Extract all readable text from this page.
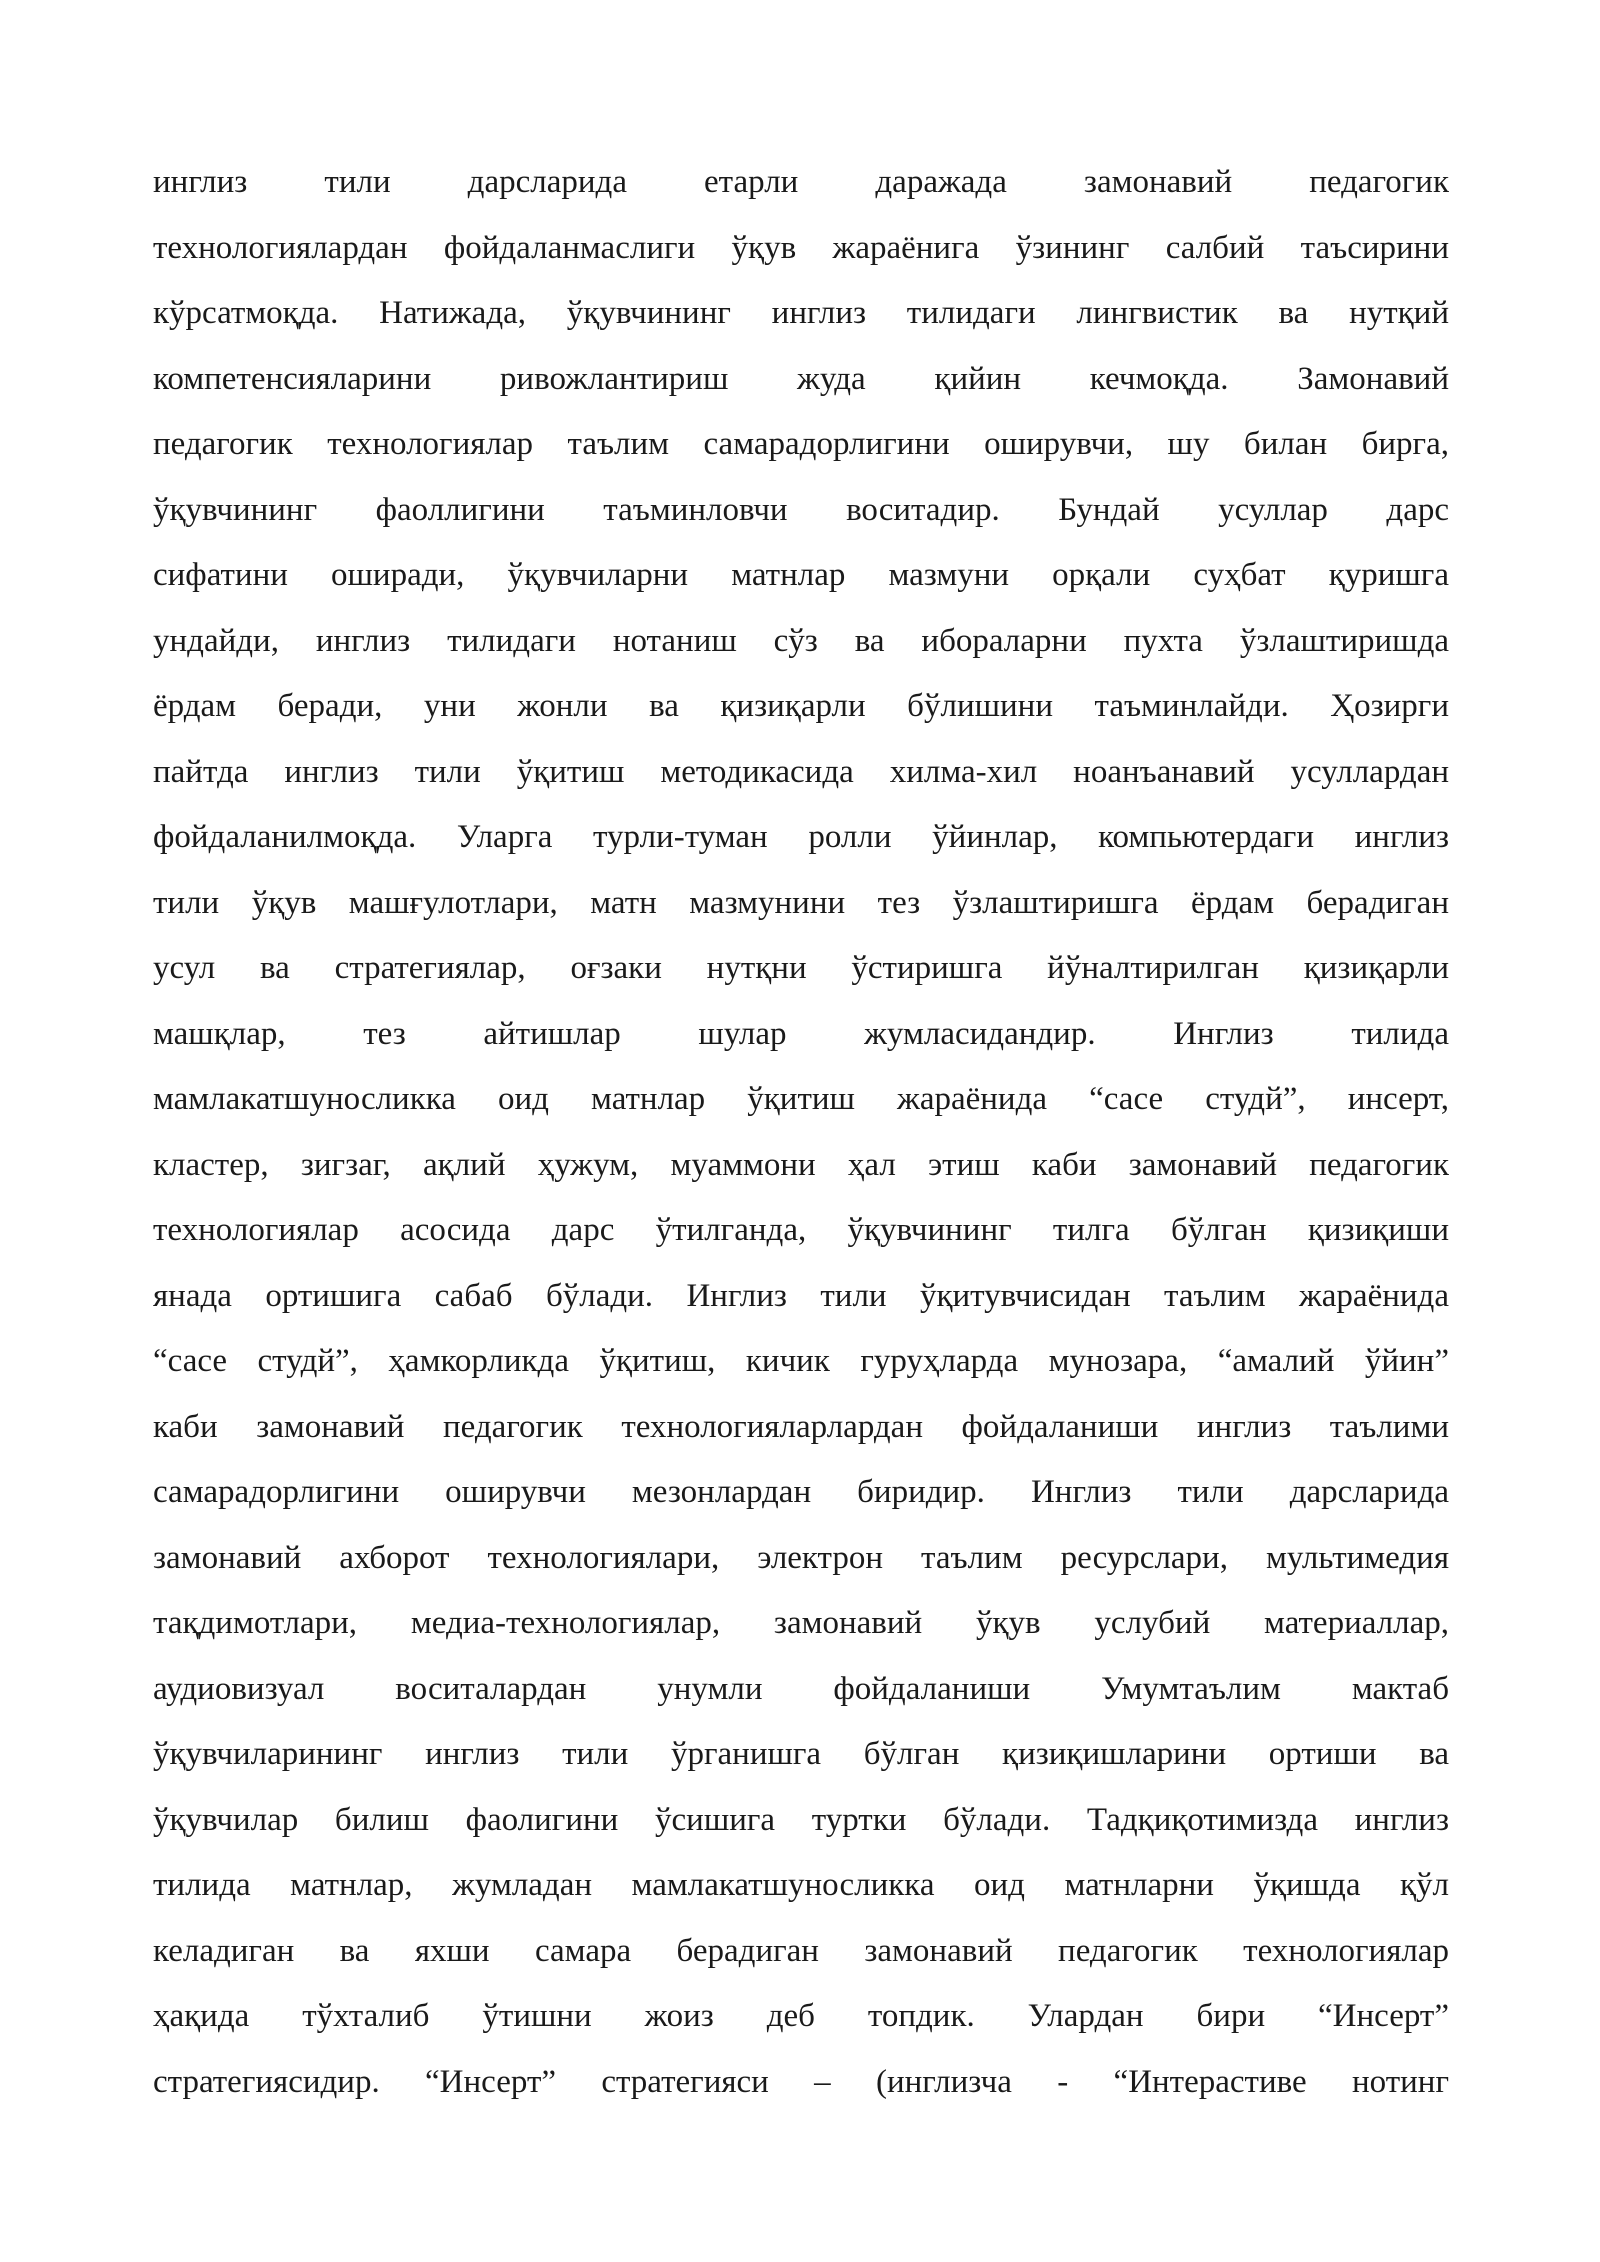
инглиз тили дарсларида етарли даражада замонавий педагогик
технологиялардан фойдаланмаслиги ўқув жараёнига ўзининг салбий таъсирини
кўрсатмоқда. Натижада, ўқувчининг инглиз тилидаги лингвистик ва нутқий
компетенсияларини ривожлантириш жуда қийин кечмоқда. Замонавий
педагогик технологиялар таълим самарадорлигини оширувчи, шу билан бирга,
ўқувчининг фаоллигини таъминловчи воситадир. Бундай усуллар дарс
сифатини оширади, ўқувчиларни матнлар мазмуни орқали суҳбат қуришга
ундайди, инглиз тилидаги нотаниш сўз ва ибораларни пухта ўзлаштиришда
ёрдам беради, уни жонли ва қизиқарли бўлишини таъминлайди. Ҳозирги
пайтда инглиз тили ўқитиш методикасида хилма-хил ноанъанавий усуллардан
фойдаланилмоқда. Уларга турли-туман ролли ўйинлар, компьютердаги инглиз
тили ўқув машғулотлари, матн мазмунини тез ўзлаштиришга ёрдам берадиган
усул ва стратегиялар, оғзаки нутқни ўстиришга йўналтирилган қизиқарли
машқлар, тез айтишлар шулар жумласидандир. Инглиз тилида
мамлакатшуносликка оид матнлар ўқитиш жараёнида “сасе студй”, инсерт,
кластер, зигзаг, ақлий ҳужум, муаммони ҳал этиш каби замонавий педагогик
технологиялар асосида дарс ўтилганда, ўқувчининг тилга бўлган қизиқиши
янада ортишига сабаб бўлади. Инглиз тили ўқитувчисидан таълим жараёнида
“сасе студй”, ҳамкорликда ўқитиш, кичик гуруҳларда мунозара, “амалий ўйин”
каби замонавий педагогик технологияларлардан фойдаланиши инглиз таълими
самарадорлигини оширувчи мезонлардан биридир. Инглиз тили дарсларида
замонавий ахборот технологиялари, электрон таълим ресурслари, мультимедия
тақдимотлари, медиа-технологиялар, замонавий ўқув услубий материаллар,
аудиовизуал воситалардан унумли фойдаланиши Умумтаълим мактаб
ўқувчиларининг инглиз тили ўрганишга бўлган қизиқишларини ортиши ва
ўқувчилар билиш фаолигини ўсишига туртки бўлади. Тадқиқотимизда инглиз
тилида матнлар, жумладан мамлакатшуносликка оид матнларни ўқишда қўл
келадиган ва яхши самара берадиган замонавий педагогик технологиялар
ҳақида тўхталиб ўтишни жоиз деб топдик. Улардан бири “Инсерт”
стратегиясидир. “Инсерт” стратегияси – (инглизча - “Интерастиве нотинг
